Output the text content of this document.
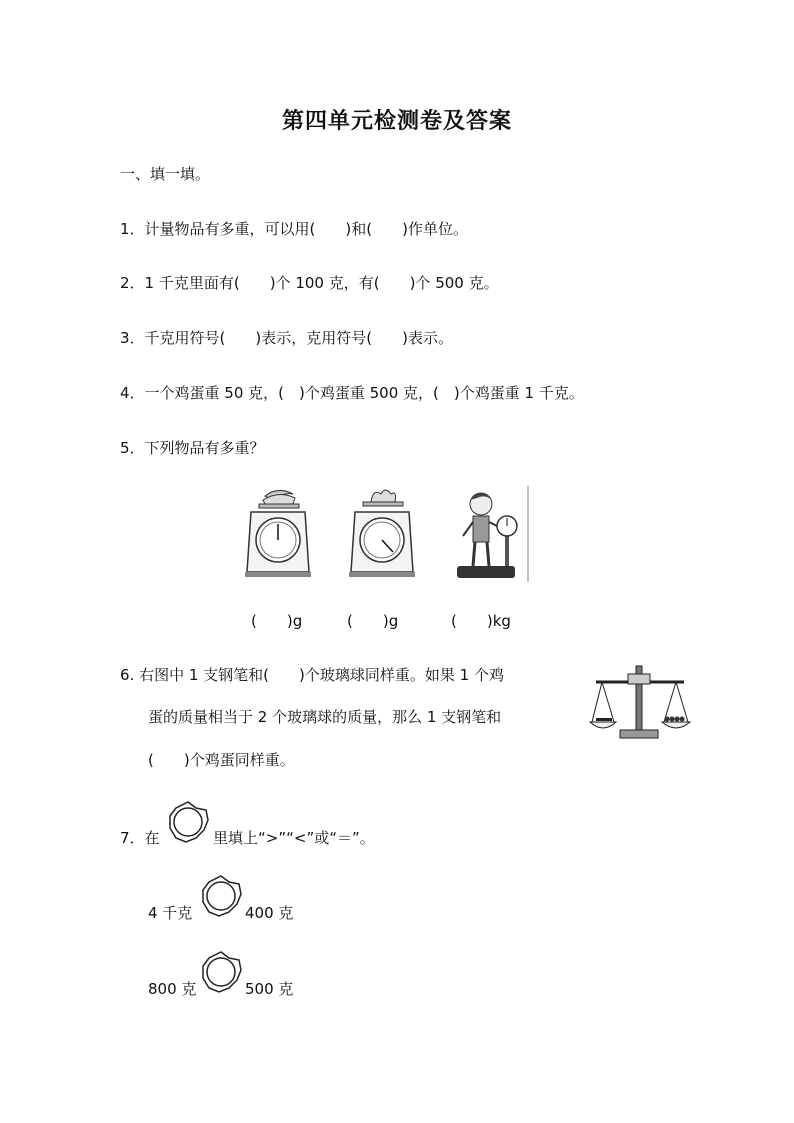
第四单元检测卷及答案
一、填一填。
1．计量物品有多重，可以用(　　)和(　　)作单位。
2．1 千克里面有(　　)个 100 克，有(　　)个 500 克。
3．千克用符号(　　)表示，克用符号(　　)表示。
4．一个鸡蛋重 50 克，(　)个鸡蛋重 500 克，(　)个鸡蛋重 1 千克。
5．下列物品有多重？
(　　)g	(　　)g	(　　)kg
6. 右图中 1 支钢笔和(　　)个玻璃球同样重。如果 1 个鸡
蛋的质量相当于 2 个玻璃球的质量，那么 1 支钢笔和
(　　)个鸡蛋同样重。
7．在	里填上“>”“<”或“＝”。
4 千克	400 克
800 克	500 克
